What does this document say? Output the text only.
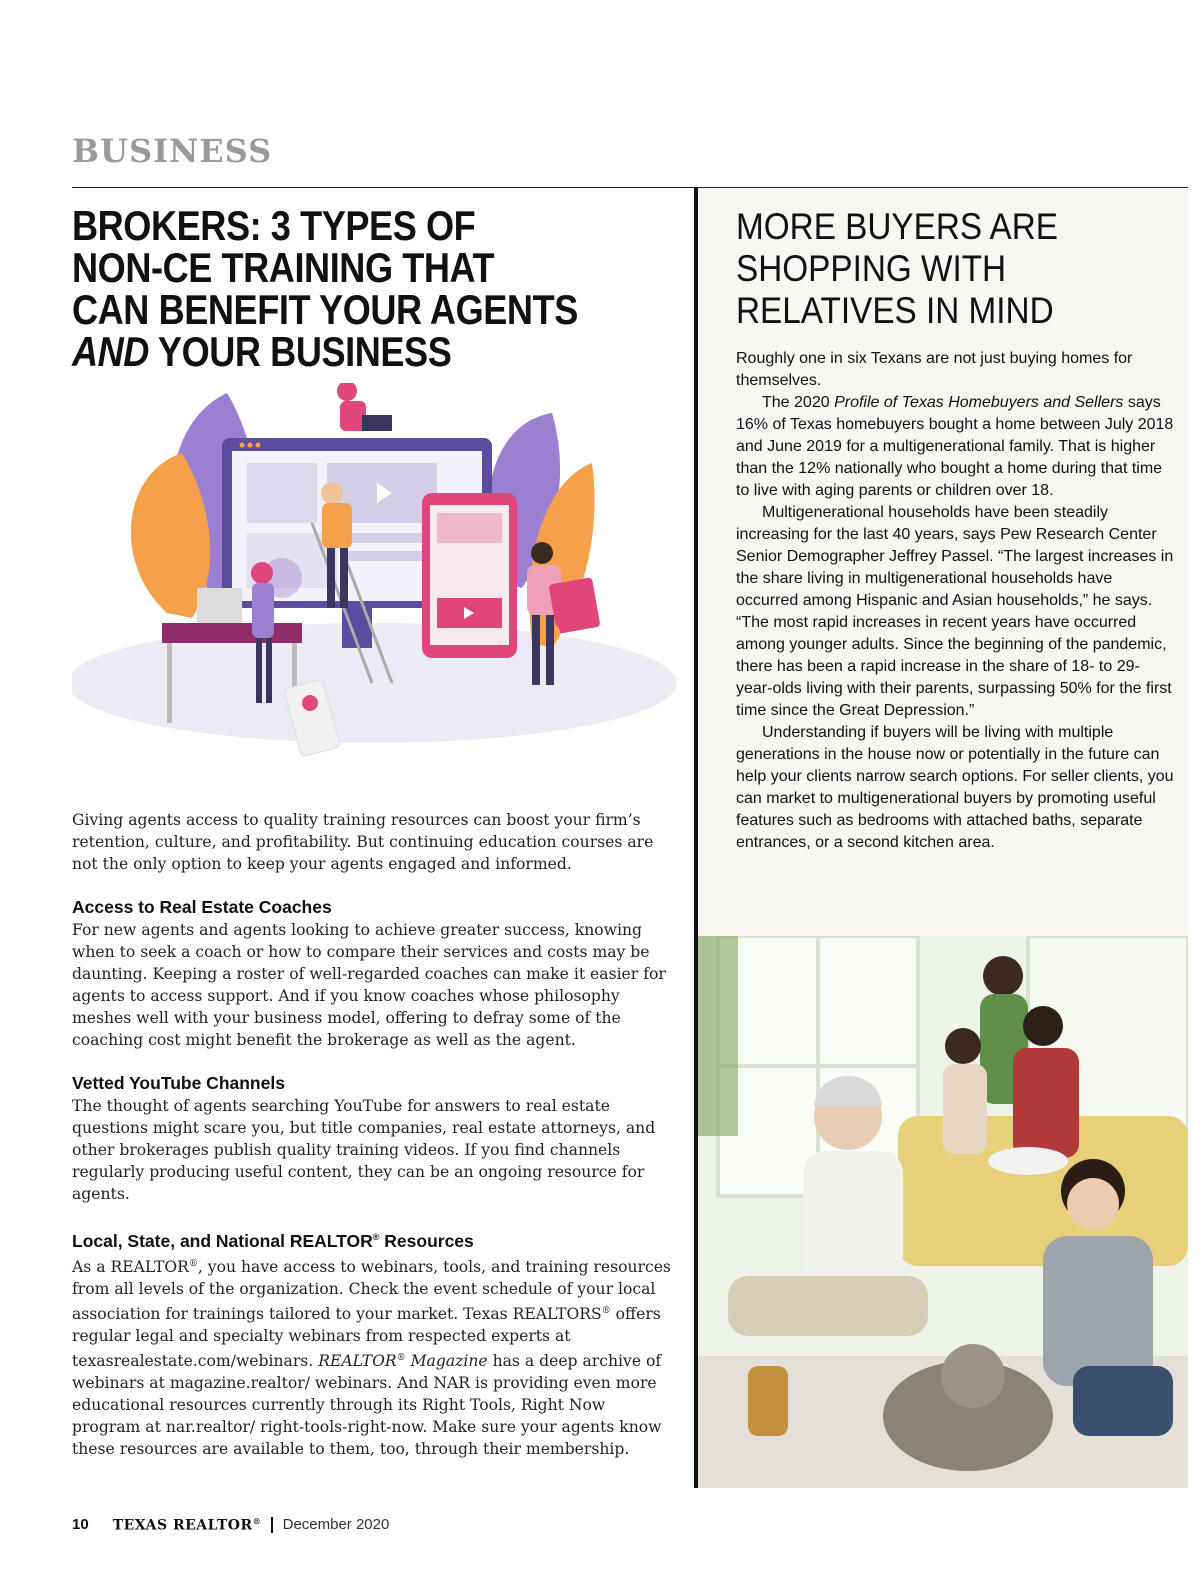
BUSINESS
BROKERS: 3 TYPES OF
NON-CE TRAINING THAT
CAN BENEFIT YOUR AGENTS
AND YOUR BUSINESS

Giving agents access to quality training resources can boost your firm’s retention, culture, and profitability. But continuing education courses are not the only option to keep your agents engaged and informed.

Access to Real Estate Coaches

For new agents and agents looking to achieve greater success, knowing when to seek a coach or how to compare their services and costs may be daunting. Keeping a roster of well-regarded coaches can make it easier for agents to access support. And if you know coaches whose philosophy meshes well with your business model, offering to defray some of the coaching cost might benefit the brokerage as well as the agent.

Vetted YouTube Channels

The thought of agents searching YouTube for answers to real estate questions might scare you, but title companies, real estate attorneys, and other brokerages publish quality training videos. If you find channels regularly producing useful content, they can be an ongoing resource for agents.

Local, State, and National REALTOR® Resources

As a REALTOR®, you have access to webinars, tools, and training resources from all levels of the organization. Check the event schedule of your local association for trainings tailored to your market. Texas REALTORS® offers regular legal and specialty webinars from respected experts at texasrealestate.com/webinars. REALTOR® Magazine has a deep archive of webinars at magazine.realtor/ webinars. And NAR is providing even more educational resources currently through its Right Tools, Right Now program at nar.realtor/ right-tools-right-now. Make sure your agents know these resources are available to them, too, through their membership.

MORE BUYERS ARE
SHOPPING WITH
RELATIVES IN MIND

Roughly one in six Texans are not just buying homes for themselves.

The 2020 Profile of Texas Homebuyers and Sellers says 16% of Texas homebuyers bought a home between July 2018 and June 2019 for a multigenerational family. That is higher than the 12% nationally who bought a home during that time to live with aging parents or children over 18.

Multigenerational households have been steadily increasing for the last 40 years, says Pew Research Center Senior Demographer Jeffrey Passel. “The largest increases in the share living in multigenerational households have occurred among Hispanic and Asian households,” he says. “The most rapid increases in recent years have occurred among younger adults. Since the beginning of the pandemic, there has been a rapid increase in the share of 18- to 29-year-olds living with their parents, surpassing 50% for the first time since the Great Depression.”

Understanding if buyers will be living with multiple generations in the house now or potentially in the future can help your clients narrow search options. For seller clients, you can market to multigenerational buyers by promoting useful features such as bedrooms with attached baths, separate entrances, or a second kitchen area.

10 TEXAS REALTOR® December 2020
